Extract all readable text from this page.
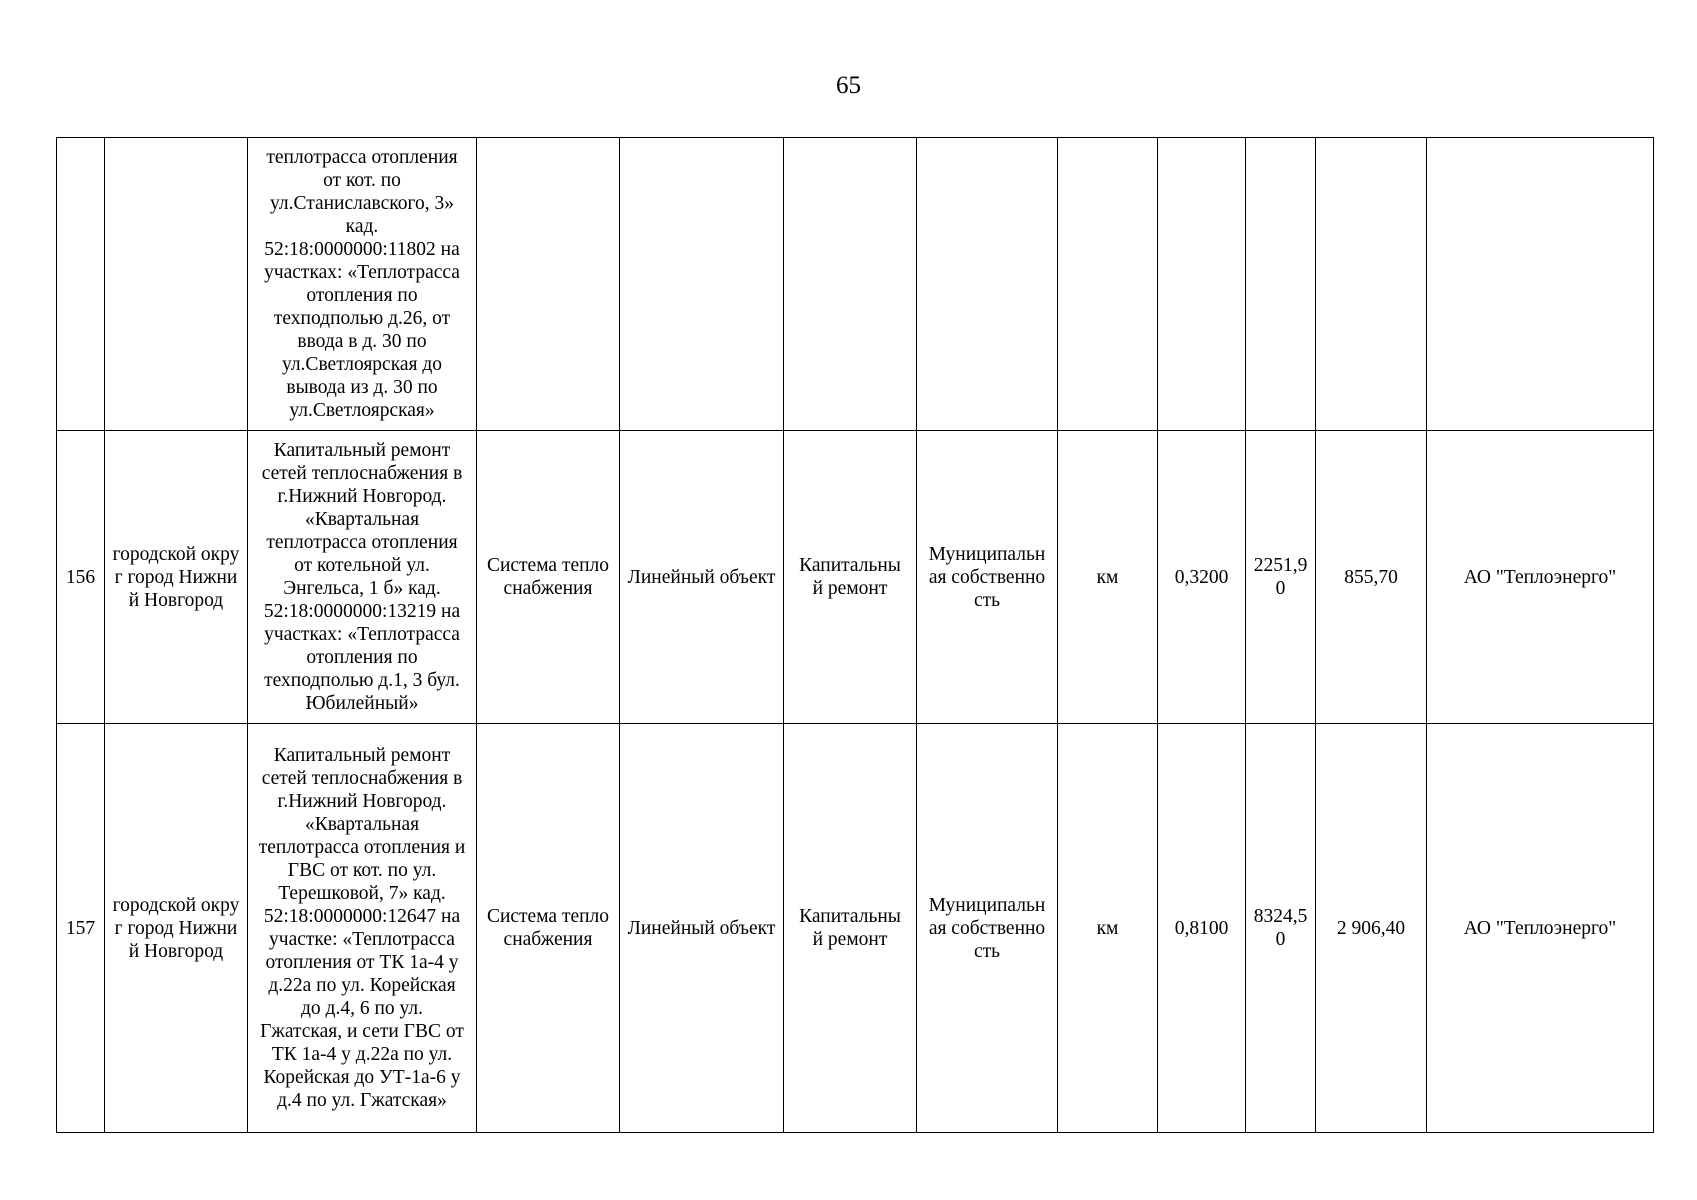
65
		теплотрасса отопления от кот. по ул.Станиславского, 3» кад. 52:18:0000000:11802 на участках: «Теплотрасса отопления по техподполью д.26, от ввода в д. 30 по ул.Светлоярская до вывода из д. 30 по ул.Светлоярская»									
156	городской округ город Нижний Новгород	Капитальный ремонт сетей теплоснабжения в г.Нижний Новгород. «Квартальная теплотрасса отопления от котельной ул. Энгельса, 1 б» кад. 52:18:0000000:13219 на участках: «Теплотрасса отопления по техподполью д.1, 3 бул. Юбилейный»	Система теплоснабжения	Линейный объект	Капитальный ремонт	Муниципальная собственность	км	0,3200	2251,90	855,70	АО "Теплоэнерго"
157	городской округ город Нижний Новгород	Капитальный ремонт сетей теплоснабжения в г.Нижний Новгород. «Квартальная теплотрасса отопления и ГВС от кот. по ул. Терешковой, 7» кад. 52:18:0000000:12647 на участке: «Теплотрасса отопления от ТК 1а-4 у д.22а по ул. Корейская до д.4, 6 по ул. Гжатская, и сети ГВС от ТК 1а-4 у д.22а по ул. Корейская до УТ-1а-6 у д.4 по ул. Гжатская»	Система теплоснабжения	Линейный объект	Капитальный ремонт	Муниципальная собственность	км	0,8100	8324,50	2 906,40	АО "Теплоэнерго"
